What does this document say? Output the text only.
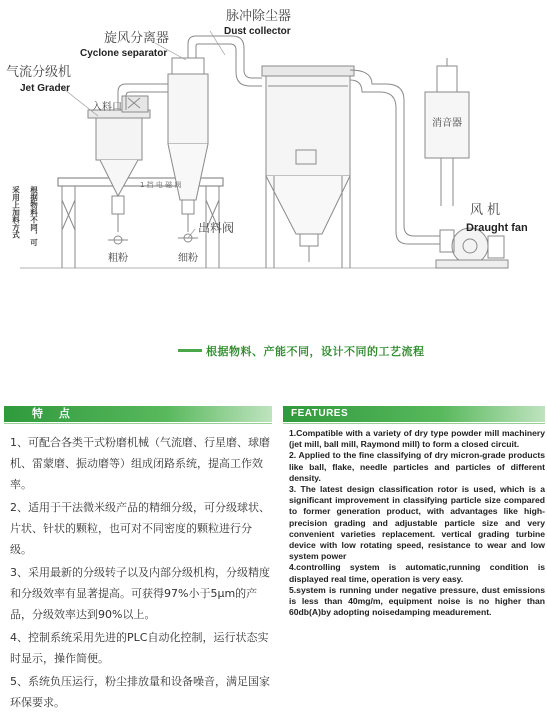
脉冲除尘器
Dust collector
旋风分离器
Cyclone separator
气流分级机
Jet Grader
入料口
消音器
风 机
Draught fan
出料阀
粗粉	细粉
1 挡 电 磁 阀
采用上加料方式 根据物料不同，可
根据物料、产能不同，设计不同的工艺流程
特 点

1、可配合各类干式粉磨机械（气流磨、行星磨、球磨机、雷蒙磨、振动磨等）组成闭路系统，提高工作效率。

2、适用于干法微米级产品的精细分级，可分级球状、片状、针状的颗粒，也可对不同密度的颗粒进行分级。

3、采用最新的分级转子以及内部分级机构，分级精度和分级效率有显著提高。可获得97%小于5μm的产品，分级效率达到90%以上。

4、控制系统采用先进的PLC自动化控制，运行状态实时显示，操作简便。

5、系统负压运行，粉尘排放量和设备噪音，满足国家环保要求。

FEATURES

1.Compatible with a variety of dry type powder mill machinery (jet mill, ball mill, Raymond mill) to form a closed circuit.

2. Applied to the fine classifying of dry micron-grade products like ball, flake, needle particles and particles of different density.

3. The latest design classification rotor is used, which is a significant improvement in classifying particle size compared to former generation product, with advantages like high-precision grading and adjustable particle size and very convenient varieties replacement. vertical grading turbine device with low rotating speed, resistance to wear and low system power

4.controlling system is automatic,running condition is displayed real time, operation is very easy.

5.system is running under negative pressure, dust emissions is less than 40mg/m, equipment noise is no higher than 60db(A)by adopting noisedamping meadurement.
